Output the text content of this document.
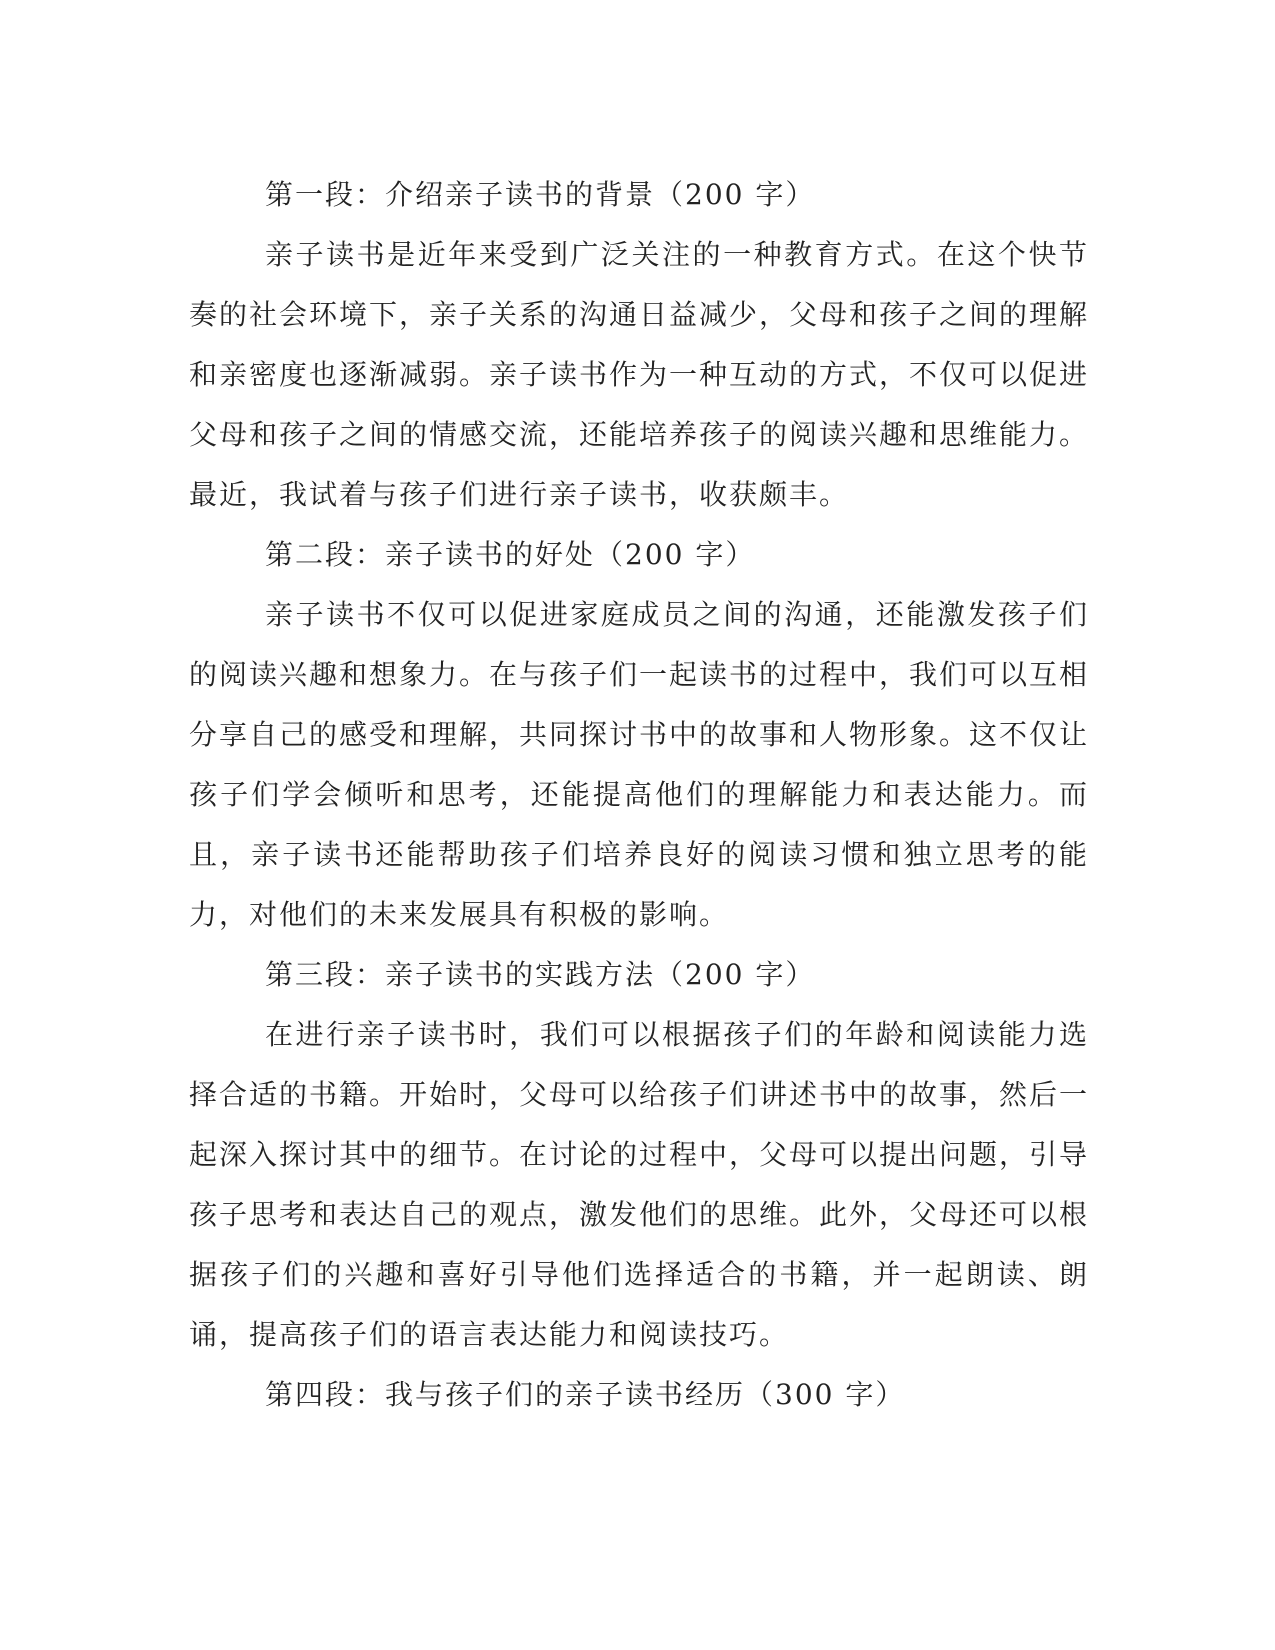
第一段：介绍亲子读书的背景（200 字）

亲子读书是近年来受到广泛关注的一种教育方式。在这个快节奏的社会环境下，亲子关系的沟通日益减少，父母和孩子之间的理解和亲密度也逐渐减弱。亲子读书作为一种互动的方式，不仅可以促进父母和孩子之间的情感交流，还能培养孩子的阅读兴趣和思维能力。最近，我试着与孩子们进行亲子读书，收获颇丰。

第二段：亲子读书的好处（200 字）

亲子读书不仅可以促进家庭成员之间的沟通，还能激发孩子们的阅读兴趣和想象力。在与孩子们一起读书的过程中，我们可以互相分享自己的感受和理解，共同探讨书中的故事和人物形象。这不仅让孩子们学会倾听和思考，还能提高他们的理解能力和表达能力。而且，亲子读书还能帮助孩子们培养良好的阅读习惯和独立思考的能力，对他们的未来发展具有积极的影响。

第三段：亲子读书的实践方法（200 字）

在进行亲子读书时，我们可以根据孩子们的年龄和阅读能力选择合适的书籍。开始时，父母可以给孩子们讲述书中的故事，然后一起深入探讨其中的细节。在讨论的过程中，父母可以提出问题，引导孩子思考和表达自己的观点，激发他们的思维。此外，父母还可以根据孩子们的兴趣和喜好引导他们选择适合的书籍，并一起朗读、朗诵，提高孩子们的语言表达能力和阅读技巧。

第四段：我与孩子们的亲子读书经历（300 字）
